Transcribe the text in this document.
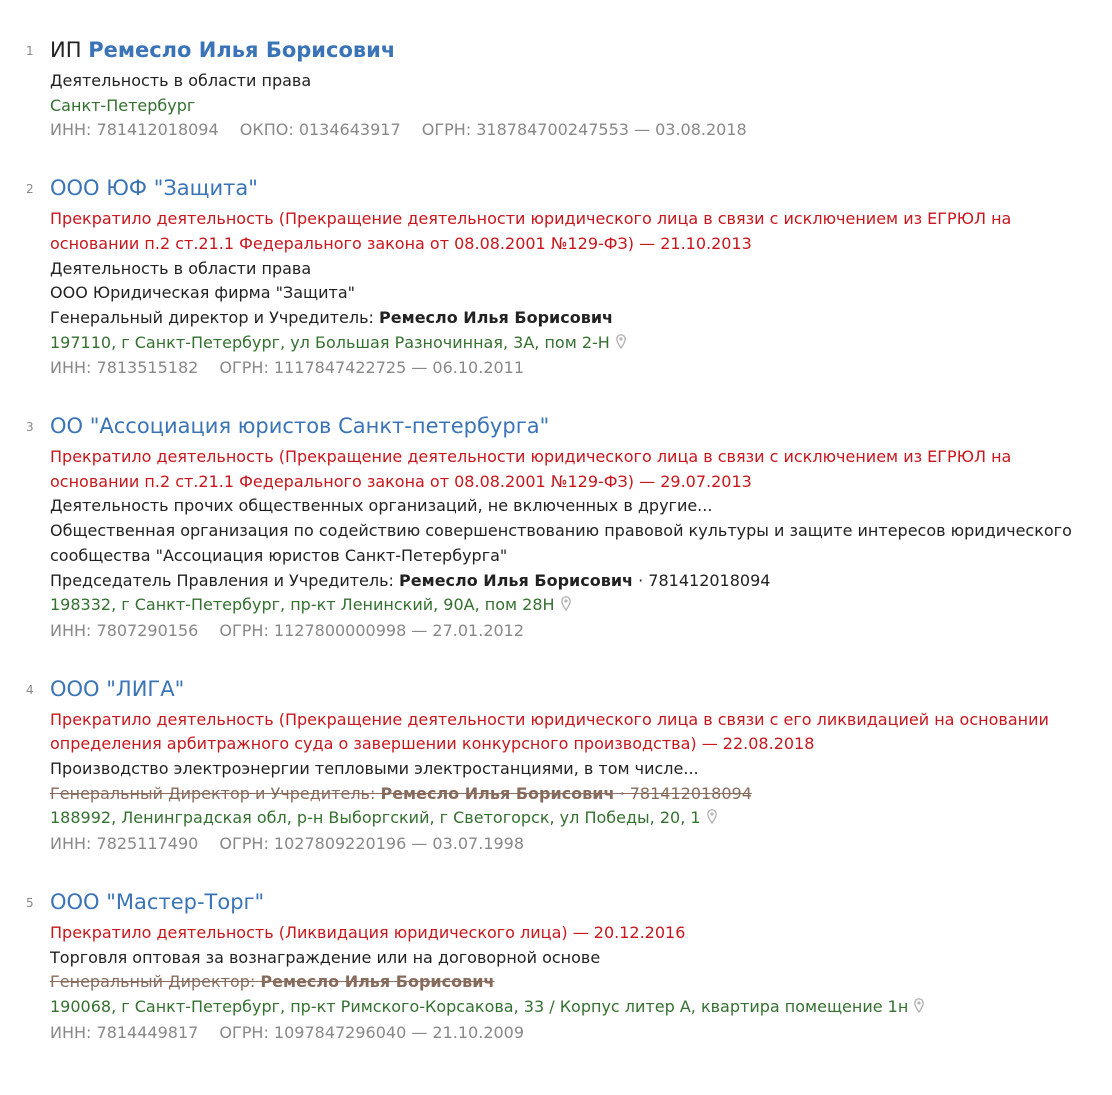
1 ИП Ремесло Илья Борисович
Деятельность в области права
Санкт-Петербург
ИНН: 781412018094 ОКПО: 0134643917 ОГРН: 318784700247553 — 03.08.2018
2 ООО ЮФ "Защита"
Прекратило деятельность (Прекращение деятельности юридического лица в связи с исключением из ЕГРЮЛ на основании п.2 ст.21.1 Федерального закона от 08.08.2001 №129-ФЗ) — 21.10.2013
Деятельность в области права
ООО Юридическая фирма "Защита"
Генеральный директор и Учредитель: Ремесло Илья Борисович
197110, г Санкт-Петербург, ул Большая Разночинная, 3А, пом 2-Н
ИНН: 7813515182 ОГРН: 1117847422725 — 06.10.2011
3 ОО "Ассоциация юристов Санкт-петербурга"
Прекратило деятельность (Прекращение деятельности юридического лица в связи с исключением из ЕГРЮЛ на основании п.2 ст.21.1 Федерального закона от 08.08.2001 №129-ФЗ) — 29.07.2013
Деятельность прочих общественных организаций, не включенных в другие...
Общественная организация по содействию совершенствованию правовой культуры и защите интересов юридического сообщества "Ассоциация юристов Санкт-Петербурга"
Председатель Правления и Учредитель: Ремесло Илья Борисович · 781412018094
198332, г Санкт-Петербург, пр-кт Ленинский, 90А, пом 28Н
ИНН: 7807290156 ОГРН: 1127800000998 — 27.01.2012
4 ООО "ЛИГА"
Прекратило деятельность (Прекращение деятельности юридического лица в связи с его ликвидацией на основании определения арбитражного суда о завершении конкурсного производства) — 22.08.2018
Производство электроэнергии тепловыми электростанциями, в том числе...
Генеральный Директор и Учредитель: Ремесло Илья Борисович · 781412018094
188992, Ленинградская обл, р-н Выборгский, г Светогорск, ул Победы, 20, 1
ИНН: 7825117490 ОГРН: 1027809220196 — 03.07.1998
5 ООО "Мастер-Торг"
Прекратило деятельность (Ликвидация юридического лица) — 20.12.2016
Торговля оптовая за вознаграждение или на договорной основе
Генеральный Директор: Ремесло Илья Борисович
190068, г Санкт-Петербург, пр-кт Римского-Корсакова, 33 / Корпус литер А, квартира помещение 1н
ИНН: 7814449817 ОГРН: 1097847296040 — 21.10.2009
